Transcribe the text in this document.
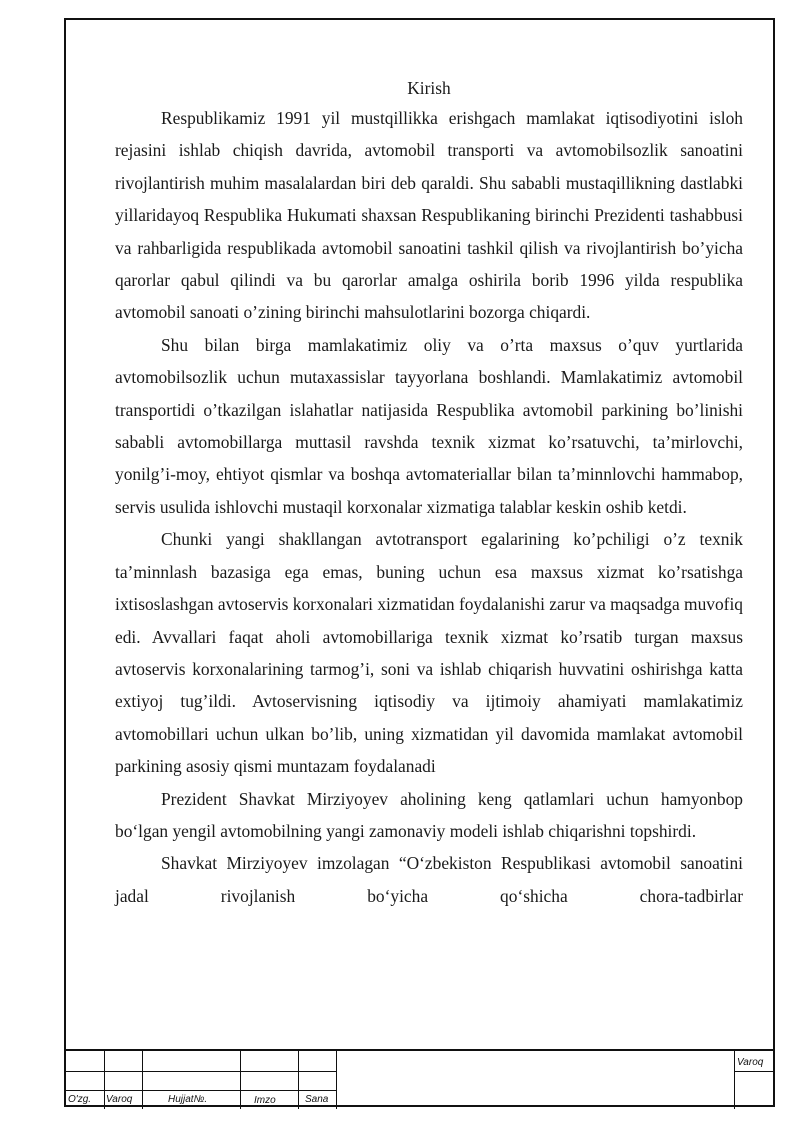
Kirish

Respublikamiz 1991 yil mustqillikka erishgach mamlakat iqtisodiyotini isloh rejasini ishlab chiqish davrida, avtomobil transporti va avtomobilsozlik sanoatini rivojlantirish muhim masalalardan biri deb qaraldi. Shu sababli mustaqillikning dastlabki yillaridayoq Respublika Hukumati shaxsan Respublikaning birinchi Prezidenti tashabbusi va rahbarligida respublikada avtomobil sanoatini tashkil qilish va rivojlantirish bo’yicha qarorlar qabul qilindi va bu qarorlar amalga oshirila borib 1996 yilda respublika avtomobil sanoati o’zining birinchi mahsulotlarini bozorga chiqardi.

Shu bilan birga mamlakatimiz oliy va o’rta maxsus o’quv yurtlarida avtomobilsozlik uchun mutaxassislar tayyorlana boshlandi. Mamlakatimiz avtomobil transportidi o’tkazilgan islahatlar natijasida Respublika avtomobil parkining bo’linishi sababli avtomobillarga muttasil ravshda texnik xizmat ko’rsatuvchi, ta’mirlovchi, yonilg’i-moy, ehtiyot qismlar va boshqa avtomateriallar bilan ta’minnlovchi hammabop, servis usulida ishlovchi mustaqil korxonalar xizmatiga talablar keskin oshib ketdi.

Chunki yangi shakllangan avtotransport egalarining ko’pchiligi o’z texnik ta’minnlash bazasiga ega emas, buning uchun esa maxsus xizmat ko’rsatishga ixtisoslashgan avtoservis korxonalari xizmatidan foydalanishi zarur va maqsadga muvofiq edi. Avvallari faqat aholi avtomobillariga texnik xizmat ko’rsatib turgan maxsus avtoservis korxonalarining tarmog’i, soni va ishlab chiqarish huvvatini oshirishga katta extiyoj tug’ildi. Avtoservisning iqtisodiy va ijtimoiy ahamiyati mamlakatimiz avtomobillari uchun ulkan bo’lib, uning xizmatidan yil davomida mamlakat avtomobil parkining asosiy qismi muntazam foydalanadi

Prezident Shavkat Mirziyoyev aholining keng qatlamlari uchun hamyonbop bo‘lgan yengil avtomobilning yangi zamonaviy modeli ishlab chiqarishni topshirdi.

Shavkat Mirziyoyev imzolagan “O‘zbekiston Respublikasi avtomobil sanoatini jadal rivojlanish bo‘yicha qo‘shicha chora-tadbirlar

Varoq
O'zg. Varoq	Hujjat№.	Imzo	Sana
